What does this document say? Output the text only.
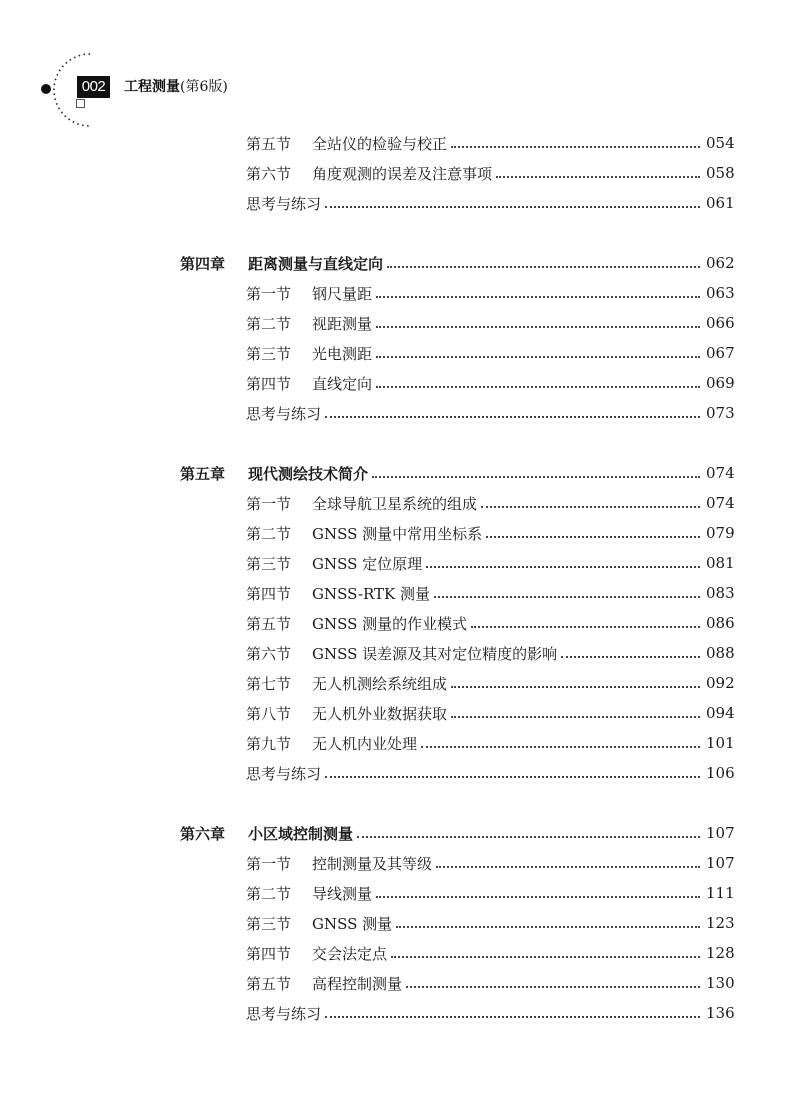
002	工程测量(第6版)
第五节	全站仪的检验与校正	054
第六节	角度观测的误差及注意事项	058
思考与练习	061
第四章	距离测量与直线定向	062
第一节	钢尺量距	063
第二节	视距测量	066
第三节	光电测距	067
第四节	直线定向	069
思考与练习	073
第五章	现代测绘技术简介	074
第一节	全球导航卫星系统的组成	074
第二节	GNSS 测量中常用坐标系	079
第三节	GNSS 定位原理	081
第四节	GNSS-RTK 测量	083
第五节	GNSS 测量的作业模式	086
第六节	GNSS 误差源及其对定位精度的影响	088
第七节	无人机测绘系统组成	092
第八节	无人机外业数据获取	094
第九节	无人机内业处理	101
思考与练习	106
第六章	小区域控制测量	107
第一节	控制测量及其等级	107
第二节	导线测量	111
第三节	GNSS 测量	123
第四节	交会法定点	128
第五节	高程控制测量	130
思考与练习	136
